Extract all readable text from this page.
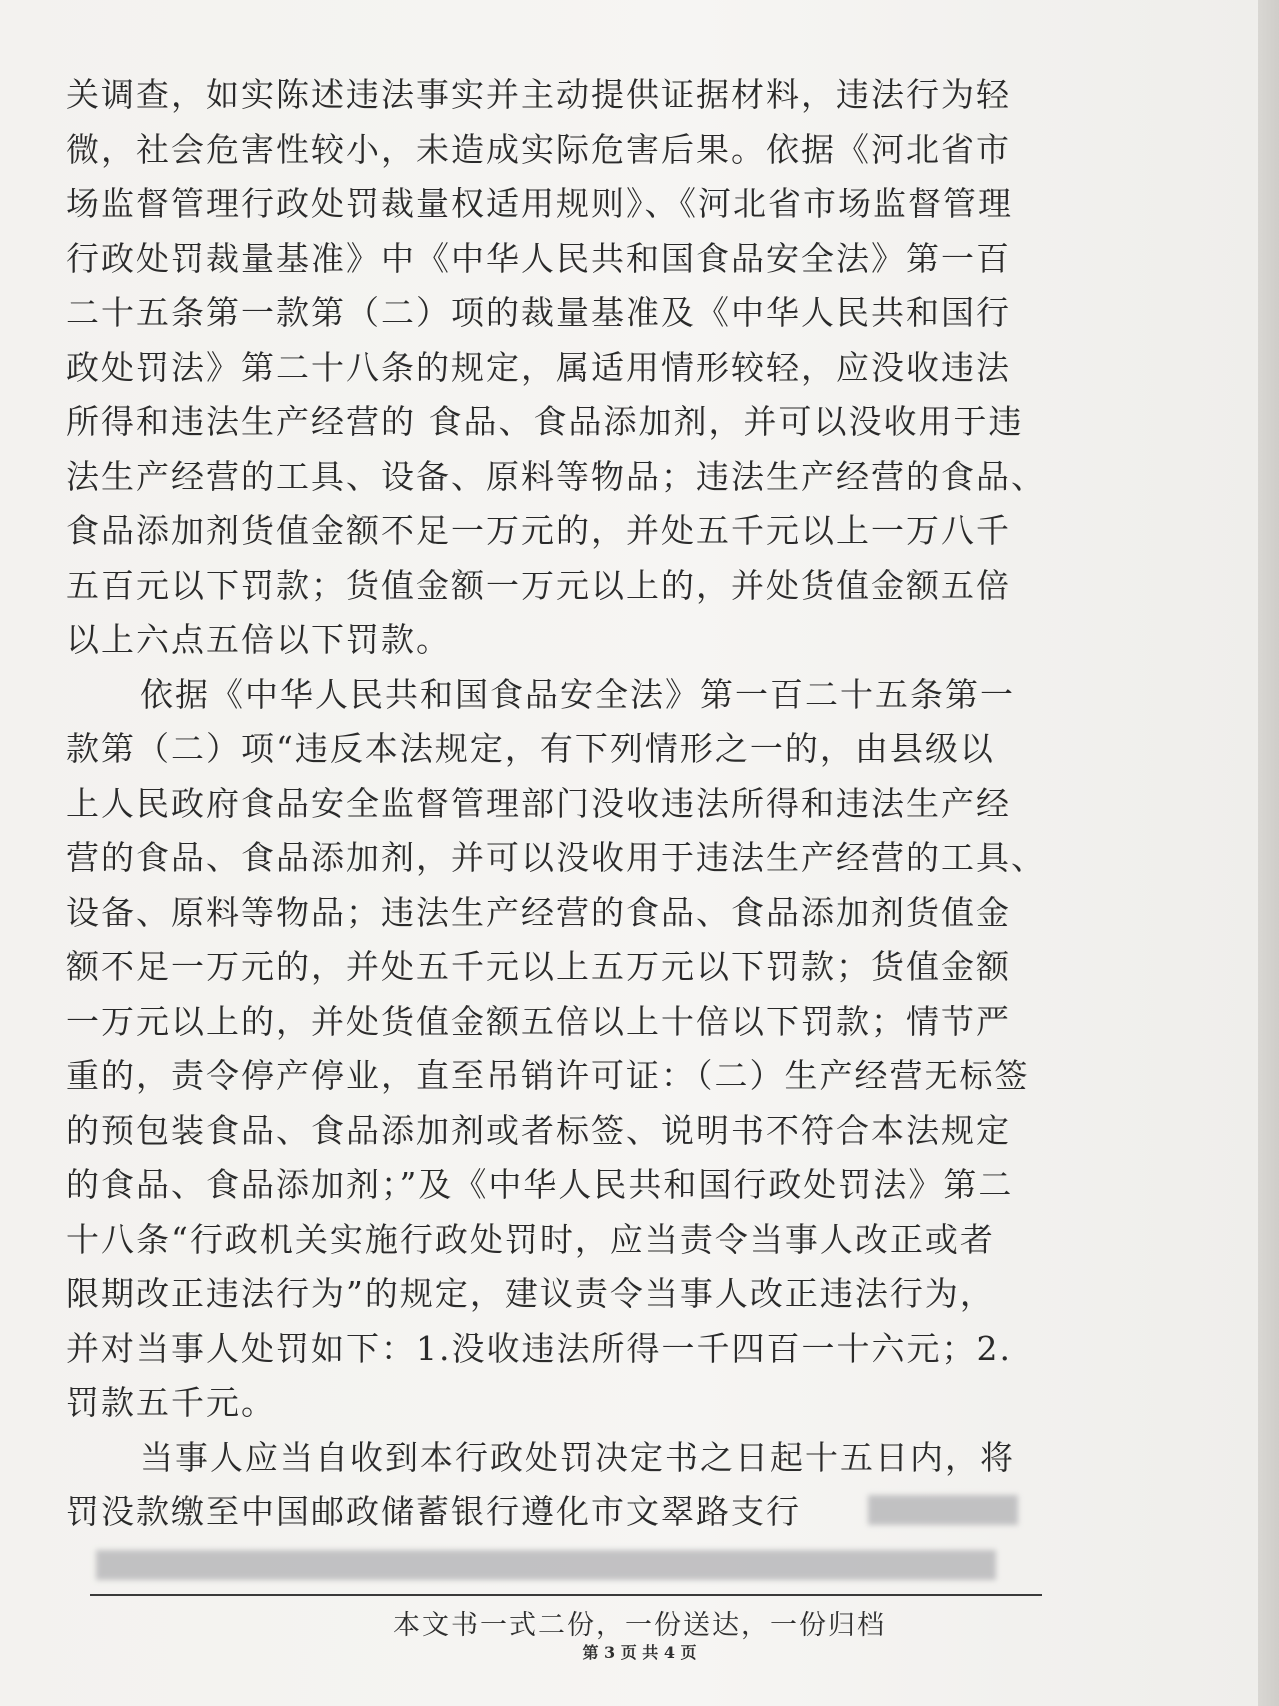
关调查，如实陈述违法事实并主动提供证据材料，违法行为轻
微，社会危害性较小，未造成实际危害后果。依据《河北省市
场监督管理行政处罚裁量权适用规则》、《河北省市场监督管理
行政处罚裁量基准》中《中华人民共和国食品安全法》第一百
二十五条第一款第（二）项的裁量基准及《中华人民共和国行
政处罚法》第二十八条的规定，属适用情形较轻，应没收违法
所得和违法生产经营的 食品、食品添加剂，并可以没收用于违
法生产经营的工具、设备、原料等物品；违法生产经营的食品、
食品添加剂货值金额不足一万元的，并处五千元以上一万八千
五百元以下罚款；货值金额一万元以上的，并处货值金额五倍
以上六点五倍以下罚款。
依据《中华人民共和国食品安全法》第一百二十五条第一
款第（二）项“违反本法规定，有下列情形之一的，由县级以
上人民政府食品安全监督管理部门没收违法所得和违法生产经
营的食品、食品添加剂，并可以没收用于违法生产经营的工具、
设备、原料等物品；违法生产经营的食品、食品添加剂货值金
额不足一万元的，并处五千元以上五万元以下罚款；货值金额
一万元以上的，并处货值金额五倍以上十倍以下罚款；情节严
重的，责令停产停业，直至吊销许可证：（二）生产经营无标签
的预包装食品、食品添加剂或者标签、说明书不符合本法规定
的食品、食品添加剂；”及《中华人民共和国行政处罚法》第二
十八条“行政机关实施行政处罚时，应当责令当事人改正或者
限期改正违法行为”的规定，建议责令当事人改正违法行为，
并对当事人处罚如下：1.没收违法所得一千四百一十六元；2.
罚款五千元。
当事人应当自收到本行政处罚决定书之日起十五日内，将
罚没款缴至中国邮政储蓄银行遵化市文翠路支行
本文书一式二份，一份送达，一份归档
第 3 页 共 4 页
